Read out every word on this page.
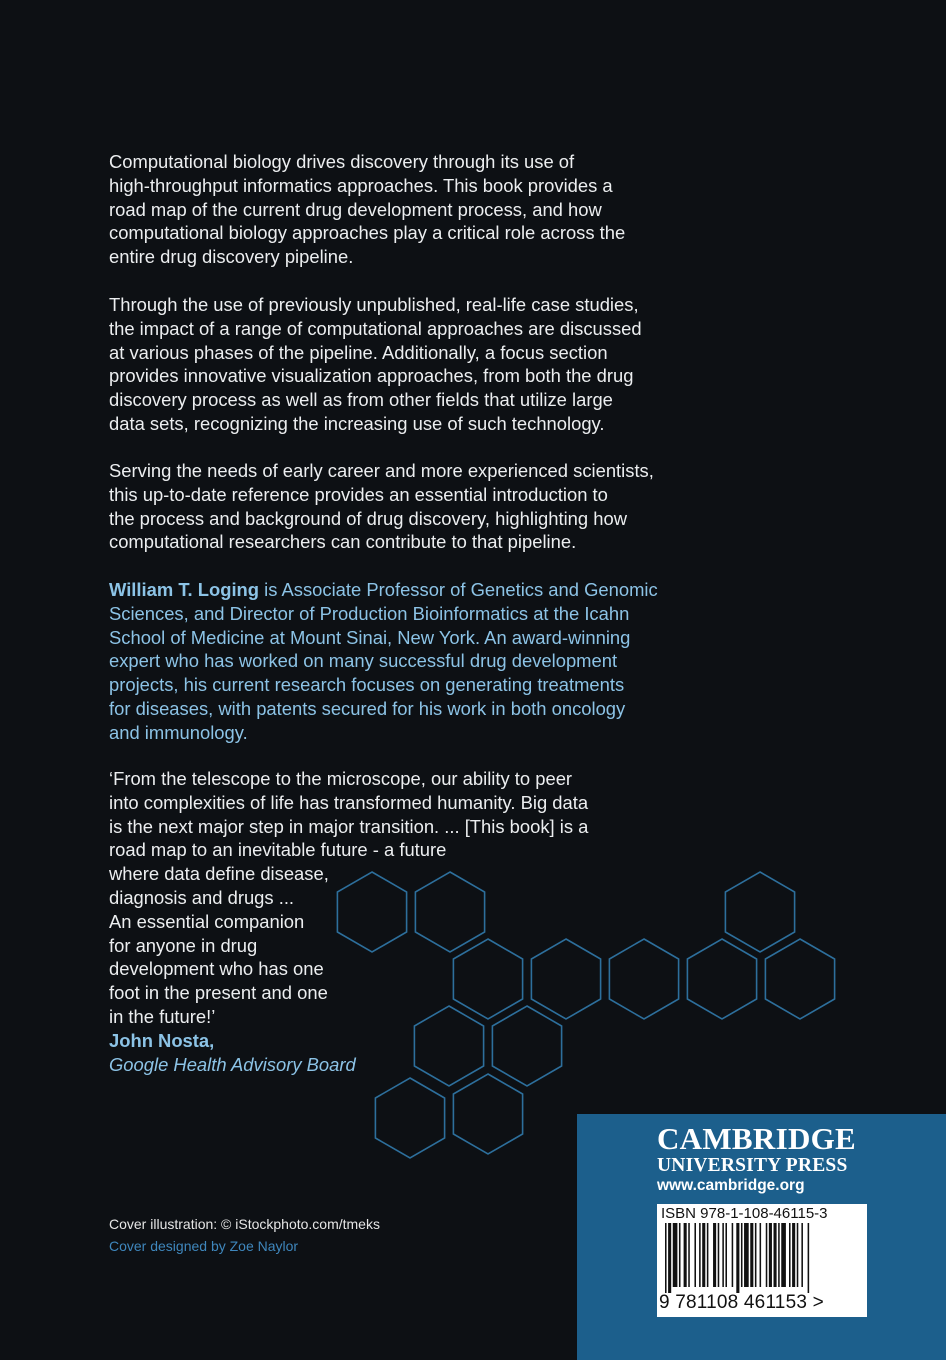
Computational biology drives discovery through its use of
high-throughput informatics approaches. This book provides a
road map of the current drug development process, and how
computational biology approaches play a critical role across the
entire drug discovery pipeline.
Through the use of previously unpublished, real-life case studies,
the impact of a range of computational approaches are discussed
at various phases of the pipeline. Additionally, a focus section
provides innovative visualization approaches, from both the drug
discovery process as well as from other fields that utilize large
data sets, recognizing the increasing use of such technology.
Serving the needs of early career and more experienced scientists,
this up-to-date reference provides an essential introduction to
the process and background of drug discovery, highlighting how
computational researchers can contribute to that pipeline.
William T. Loging is Associate Professor of Genetics and Genomic
Sciences, and Director of Production Bioinformatics at the Icahn
School of Medicine at Mount Sinai, New York. An award-winning
expert who has worked on many successful drug development
projects, his current research focuses on generating treatments
for diseases, with patents secured for his work in both oncology
and immunology.
‘From the telescope to the microscope, our ability to peer
into complexities of life has transformed humanity. Big data
is the next major step in major transition. ... [This book] is a
road map to an inevitable future - a future
where data define disease,
diagnosis and drugs ...
An essential companion
for anyone in drug
development who has one
foot in the present and one
in the future!’
John Nosta,
Google Health Advisory Board
Cover illustration: © iStockphoto.com/tmeks
Cover designed by Zoe Naylor
CAMBRIDGE
UNIVERSITY PRESS
www.cambridge.org
ISBN 978-1-108-46115-3
9 781108 461153 >
